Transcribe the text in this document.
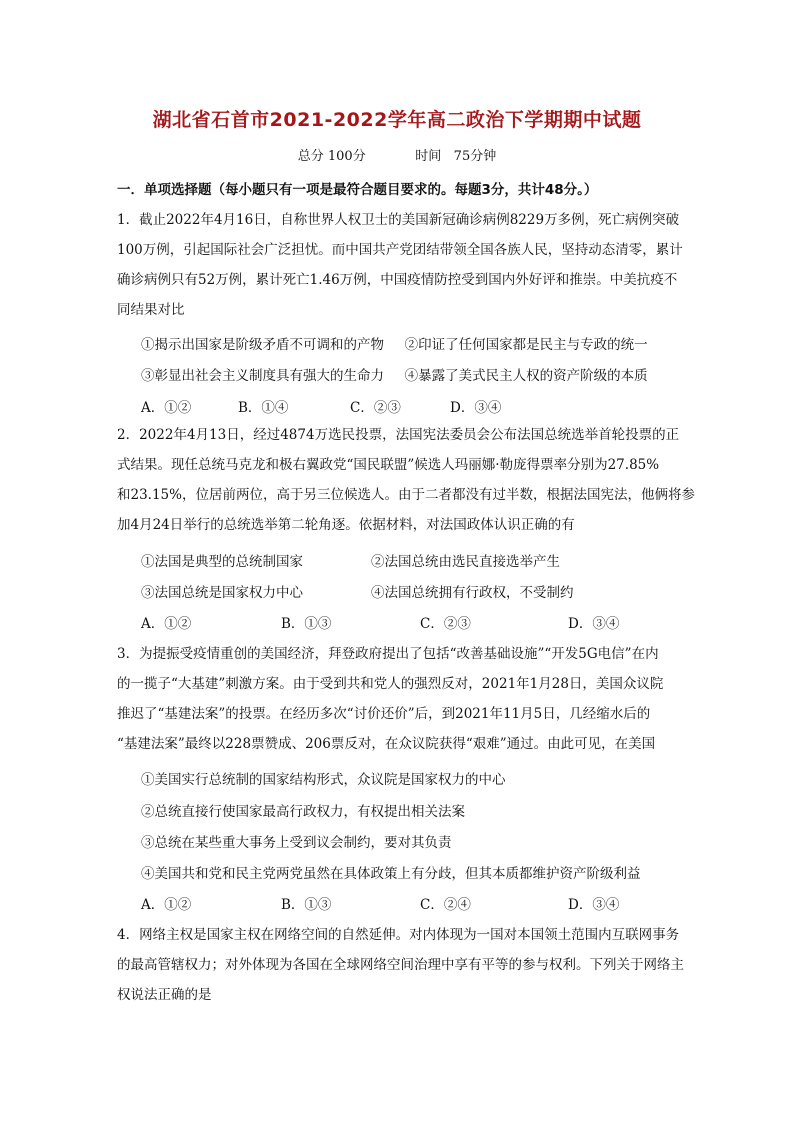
湖北省石首市2021-2022学年高二政治下学期期中试题
总分 100分            时间   75分钟
一．单项选择题（每小题只有一项是最符合题目要求的。每题3分，共计48分。）
1．截止2022年4月16日，自称世界人权卫士的美国新冠确诊病例8229万多例，死亡病例突破
100万例，引起国际社会广泛担忧。而中国共产党团结带领全国各族人民，坚持动态清零，累计
确诊病例只有52万例，累计死亡1.46万例，中国疫情防控受到国内外好评和推崇。中美抗疫不
同结果对比
①揭示出国家是阶级矛盾不可调和的产物 ②印证了任何国家都是民主与专政的统一
③彰显出社会主义制度具有强大的生命力 ④暴露了美式民主人权的资产阶级的本质
A．①②	B．①④	C．②③	D．③④
2．2022年4月13日，经过4874万选民投票，法国宪法委员会公布法国总统选举首轮投票的正
式结果。现任总统马克龙和极右翼政党“国民联盟”候选人玛丽娜·勒庞得票率分别为27.85%
和23.15%，位居前两位，高于另三位候选人。由于二者都没有过半数，根据法国宪法，他俩将参
加4月24日举行的总统选举第二轮角逐。依据材料，对法国政体认识正确的有
①法国是典型的总统制国家	②法国总统由选民直接选举产生
③法国总统是国家权力中心	④法国总统拥有行政权，不受制约
A．①②	B．①③	C．②③	D．③④
3．为提振受疫情重创的美国经济，拜登政府提出了包括“改善基础设施”“开发5G电信”在内
的一揽子“大基建”刺激方案。由于受到共和党人的强烈反对，2021年1月28日，美国众议院
推迟了“基建法案”的投票。在经历多次“讨价还价”后，到2021年11月5日，几经缩水后的
“基建法案”最终以228票赞成、206票反对，在众议院获得“艰难”通过。由此可见，在美国
①美国实行总统制的国家结构形式，众议院是国家权力的中心
②总统直接行使国家最高行政权力，有权提出相关法案
③总统在某些重大事务上受到议会制约，要对其负责
④美国共和党和民主党两党虽然在具体政策上有分歧，但其本质都维护资产阶级利益
A．①②	B．①③	C．②④	D．③④
4．网络主权是国家主权在网络空间的自然延伸。对内体现为一国对本国领土范围内互联网事务
的最高管辖权力；对外体现为各国在全球网络空间治理中享有平等的参与权利。下列关于网络主
权说法正确的是
